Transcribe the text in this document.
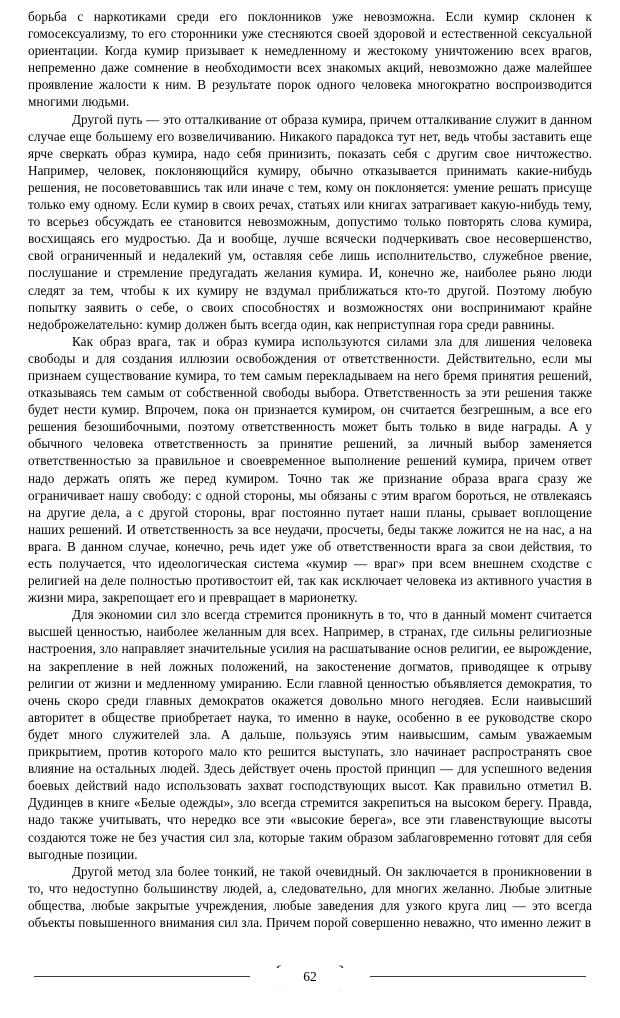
борьба с наркотиками среди его поклонников уже невозможна. Если кумир склонен к гомосексуализму, то его сторонники уже стесняются своей здоровой и естественной сексуальной ориентации. Когда кумир призывает к немедленному и жестокому уничтожению всех врагов, непременно даже сомнение в необходимости всех знакомых акций, невозможно даже малейшее проявление жалости к ним. В результате порок одного человека многократно воспроизводится многими людьми.

Другой путь — это отталкивание от образа кумира, причем отталкивание служит в данном случае еще большему его возвеличиванию. Никакого парадокса тут нет, ведь чтобы заставить еще ярче сверкать образ кумира, надо себя принизить, показать себя с другим свое ничтожество. Например, человек, поклоняющийся кумиру, обычно отказывается принимать какие-нибудь решения, не посоветовавшись так или иначе с тем, кому он поклоняется: умение решать присуще только ему одному. Если кумир в своих речах, статьях или книгах затрагивает какую-нибудь тему, то всерьез обсуждать ее становится невозможным, допустимо только повторять слова кумира, восхищаясь его мудростью. Да и вообще, лучше всячески подчеркивать свое несовершенство, свой ограниченный и недалекий ум, оставляя себе лишь исполнительство, служебное рвение, послушание и стремление предугадать желания кумира. И, конечно же, наиболее рьяно люди следят за тем, чтобы к их кумиру не вздумал приближаться кто-то другой. Поэтому любую попытку заявить о себе, о своих способностях и возможностях они воспринимают крайне недоброжелательно: кумир должен быть всегда один, как неприступная гора среди равнины.

Как образ врага, так и образ кумира используются силами зла для лишения человека свободы и для создания иллюзии освобождения от ответственности. Действительно, если мы признаем существование кумира, то тем самым перекладываем на него бремя принятия решений, отказываясь тем самым от собственной свободы выбора. Ответственность за эти решения также будет нести кумир. Впрочем, пока он признается кумиром, он считается безгрешным, а все его решения безошибочными, поэтому ответственность может быть только в виде награды. А у обычного человека ответственность за принятие решений, за личный выбор заменяется ответственностью за правильное и своевременное выполнение решений кумира, причем ответ надо держать опять же перед кумиром. Точно так же признание образа врага сразу же ограничивает нашу свободу: с одной стороны, мы обязаны с этим врагом бороться, не отвлекаясь на другие дела, а с другой стороны, враг постоянно путает наши планы, срывает воплощение наших решений. И ответственность за все неудачи, просчеты, беды также ложится не на нас, а на врага. В данном случае, конечно, речь идет уже об ответственности врага за свои действия, то есть получается, что идеологическая система «кумир — враг» при всем внешнем сходстве с религией на деле полностью противостоит ей, так как исключает человека из активного участия в жизни мира, закрепощает его и превращает в марионетку.

Для экономии сил зло всегда стремится проникнуть в то, что в данный момент считается высшей ценностью, наиболее желанным для всех. Например, в странах, где сильны религиозные настроения, зло направляет значительные усилия на расшатывание основ религии, ее вырождение, на закрепление в ней ложных положений, на закостенение догматов, приводящее к отрыву религии от жизни и медленному умиранию. Если главной ценностью объявляется демократия, то очень скоро среди главных демократов окажется довольно много негодяев. Если наивысший авторитет в обществе приобретает наука, то именно в науке, особенно в ее руководстве скоро будет много служителей зла. А дальше, пользуясь этим наивысшим, самым уважаемым прикрытием, против которого мало кто решится выступать, зло начинает распространять свое влияние на остальных людей. Здесь действует очень простой принцип — для успешного ведения боевых действий надо использовать захват господствующих высот. Как правильно отметил В. Дудинцев в книге «Белые одежды», зло всегда стремится закрепиться на высоком берегу. Правда, надо также учитывать, что нередко все эти «высокие берега», все эти главенствующие высоты создаются тоже не без участия сил зла, которые таким образом заблаговременно готовят для себя выгодные позиции.

Другой метод зла более тонкий, не такой очевидный. Он заключается в проникновении в то, что недоступно большинству людей, а, следовательно, для многих желанно. Любые элитные общества, любые закрытые учреждения, любые заведения для узкого круга лиц — это всегда объекты повышенного внимания сил зла. Причем порой совершенно неважно, что именно лежит в

62
